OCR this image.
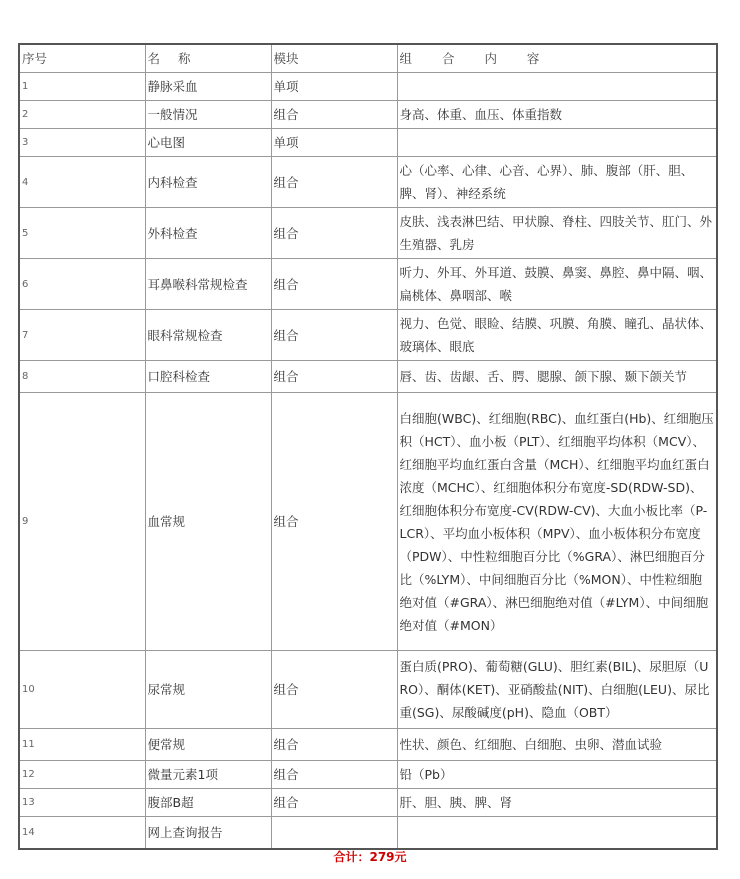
序号	名 称	模块	组 合 内 容
1	静脉采血	单项	
2	一般情况	组合	身高、体重、血压、体重指数
3	心电图	单项	
4	内科检查	组合	心（心率、心律、心音、心界）、肺、腹部（肝、胆、脾、肾）、神经系统
5	外科检查	组合	皮肤、浅表淋巴结、甲状腺、脊柱、四肢关节、肛门、外生殖器、乳房
6	耳鼻喉科常规检查	组合	听力、外耳、外耳道、鼓膜、鼻窦、鼻腔、鼻中隔、咽、扁桃体、鼻咽部、喉
7	眼科常规检查	组合	视力、色觉、眼睑、结膜、巩膜、角膜、瞳孔、晶状体、玻璃体、眼底
8	口腔科检查	组合	唇、齿、齿龈、舌、腭、腮腺、颌下腺、颞下颌关节
9	血常规	组合	白细胞(WBC)、红细胞(RBC)、血红蛋白(Hb)、红细胞压积（HCT）、血小板（PLT）、红细胞平均体积（MCV）、红细胞平均血红蛋白含量（MCH）、红细胞平均血红蛋白浓度（MCHC）、红细胞体积分布宽度-SD(RDW-SD)、 红细胞体积分布宽度-CV(RDW-CV)、大血小板比率（P-LCR）、平均血小板体积（MPV）、血小板体积分布宽度（PDW）、中性粒细胞百分比（%GRA）、淋巴细胞百分比（%LYM）、中间细胞百分比（%MON）、中性粒细胞绝对值（#GRA）、淋巴细胞绝对值（#LYM）、中间细胞绝对值（#MON）
10	尿常规	组合	蛋白质(PRO)、葡萄糖(GLU)、胆红素(BIL)、尿胆原（URO）、酮体(KET)、亚硝酸盐(NIT)、白细胞(LEU)、尿比重(SG)、尿酸碱度(pH)、隐血（OBT）
11	便常规	组合	性状、颜色、红细胞、白细胞、虫卵、潜血试验
12	微量元素1项	组合	铅（Pb）
13	腹部B超	组合	肝、胆、胰、脾、肾
14	网上查询报告		
合计：279元
